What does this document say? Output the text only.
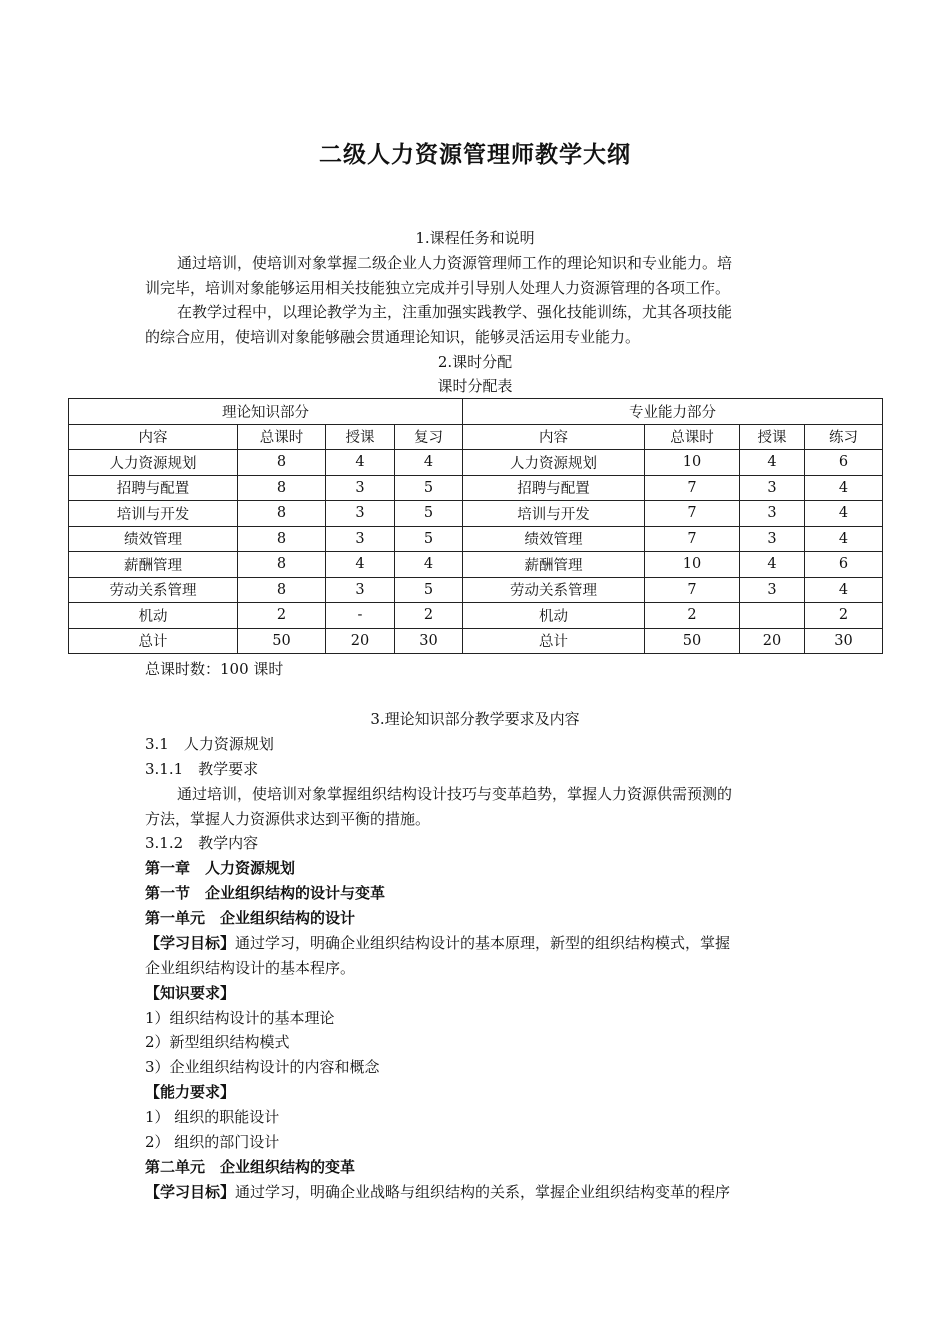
二级人力资源管理师教学大纲
1.课程任务和说明
通过培训，使培训对象掌握二级企业人力资源管理师工作的理论知识和专业能力。培
训完毕，培训对象能够运用相关技能独立完成并引导别人处理人力资源管理的各项工作。
在教学过程中，以理论教学为主，注重加强实践教学、强化技能训练，尤其各项技能
的综合应用，使培训对象能够融会贯通理论知识，能够灵活运用专业能力。
2.课时分配
课时分配表
理论知识部分				专业能力部分			
内容	总课时	授课	复习	内容	总课时	授课	练习
人力资源规划	8	4	4	人力资源规划	10	4	6
招聘与配置	8	3	5	招聘与配置	7	3	4
培训与开发	8	3	5	培训与开发	7	3	4
绩效管理	8	3	5	绩效管理	7	3	4
薪酬管理	8	4	4	薪酬管理	10	4	6
劳动关系管理	8	3	5	劳动关系管理	7	3	4
机动	2	-	2	机动	2		2
总计	50	20	30	总计	50	20	30
总课时数：100 课时
3.理论知识部分教学要求及内容
3.1　人力资源规划
3.1.1　教学要求
通过培训，使培训对象掌握组织结构设计技巧与变革趋势，掌握人力资源供需预测的
方法，掌握人力资源供求达到平衡的措施。
3.1.2　教学内容
第一章　人力资源规划
第一节　企业组织结构的设计与变革
第一单元　企业组织结构的设计
【学习目标】通过学习，明确企业组织结构设计的基本原理，新型的组织结构模式，掌握
企业组织结构设计的基本程序。
【知识要求】
1）组织结构设计的基本理论
2）新型组织结构模式
3）企业组织结构设计的内容和概念
【能力要求】
1） 组织的职能设计
2） 组织的部门设计
第二单元　企业组织结构的变革
【学习目标】通过学习，明确企业战略与组织结构的关系，掌握企业组织结构变革的程序
